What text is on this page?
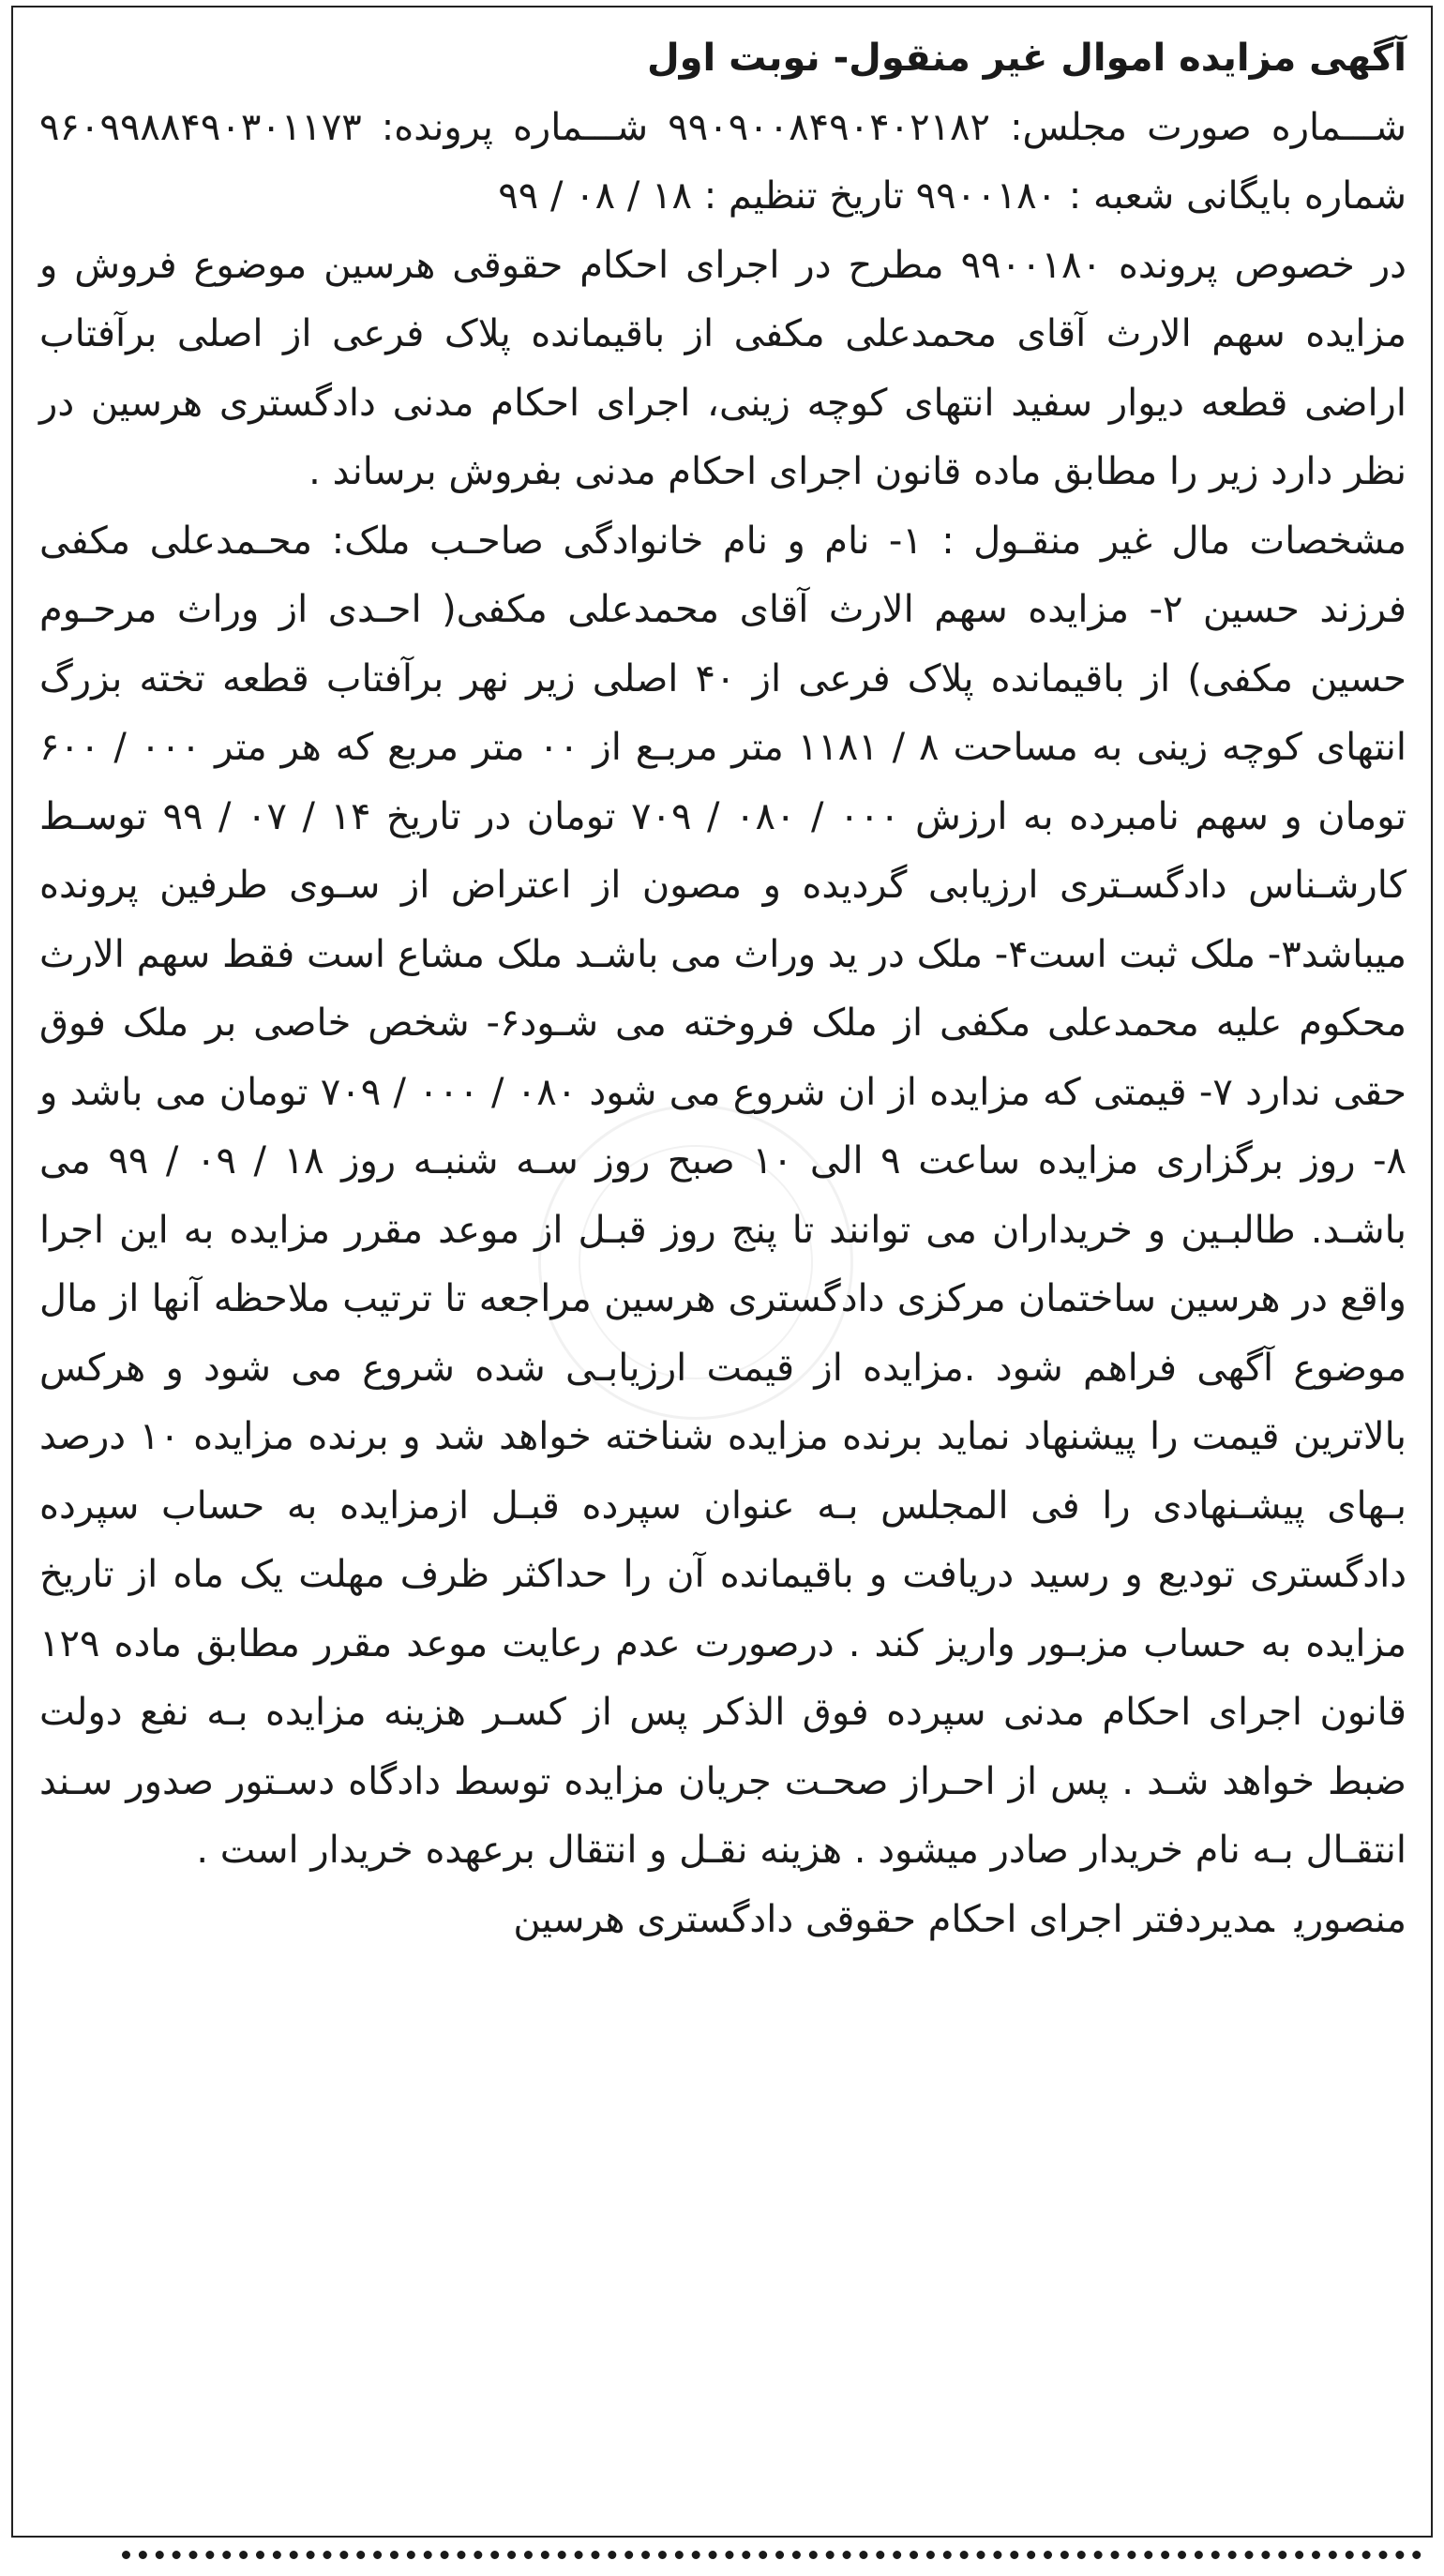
آگهی مزایده اموال غیر منقول- نوبت اول

شـــماره صورت مجلس: ۹۹۰۹۰۰۸۴۹۰۴۰۲۱۸۲ شـــماره پرونده: ۹۶۰۹۹۸۸۴۹۰۳۰۱۱۷۳ شماره بایگانی شعبه : ۹۹۰۰۱۸۰ تاریخ تنظیم : ۱۸ / ۰۸ / ۹۹

در خصوص پرونده ۹۹۰۰۱۸۰ مطرح در اجرای احکام حقوقی هرسین موضوع فروش و مزایده سهم الارث آقای محمدعلی مکفی از باقیمانده پلاک فرعی از اصلی برآفتاب اراضی قطعه دیوار سفید انتهای کوچه زینی، اجرای احکام مدنی دادگستری هرسین در نظر دارد زیر را مطابق ماده قانون اجرای احکام مدنی بفروش برساند .

مشخصات مال غیر منقـول : ۱- نام و نام خانوادگی صاحـب ملک: محـمدعلی مکفی فرزند حسین ۲- مزایده سهم الارث آقای محمدعلی مکفی( احـدی از وراث مرحـوم حسین مکفی) از باقیمانده پلاک فرعی از ۴۰ اصلی زیر نهر برآفتاب قطعه تخته بزرگ انتهای کوچه زینی به مساحت ۸ / ۱۱۸۱ متر مربـع از ۰۰ متر مربع که هر متر ۰۰۰ / ۶۰۰ تومان و سهم نامبرده به ارزش ۰۰۰ / ۰۸۰ / ۷۰۹ تومان در تاریخ ۱۴ / ۰۷ / ۹۹ توسـط کارشـناس دادگسـتری ارزیابی گردیده و مصون از اعتراض از سـوی طرفین پرونده میباشد۳- ملک ثبت است۴- ملک در ید وراث می باشـد ملک مشاع است فقط سهم الارث محکوم علیه محمدعلی مکفی از ملک فروخته می شـود۶- شخص خاصی بر ملک فوق حقی ندارد ۷- قیمتی که مزایده از ان شروع می شود ۰۸۰ / ۰۰۰ / ۷۰۹ تومان می باشد و ۸- روز برگزاری مزایده ساعت ۹ الی ۱۰ صبح روز سـه شنبـه روز ۱۸ / ۰۹ / ۹۹ می باشـد. طالبـین و خریداران می توانند تا پنج روز قبـل از موعد مقرر مزایده به این اجرا واقع در هرسین ساختمان مرکزی دادگستری هرسین مراجعه تا ترتیب ملاحظه آنها از مال موضوع آگهی فراهم شود .مزایده از قیمت ارزیابـی شده شروع می شود و هرکس بالاترین قیمت را پیشنهاد نماید برنده مزایده شناخته خواهد شد و برنده مزایده ۱۰ درصد بـهای پیشـنهادی را فی المجلس بـه عنوان سپرده قبـل ازمزایده به حساب سپرده دادگستری تودیع و رسید دریافت و باقیمانده آن را حداکثر ظرف مهلت یک ماه از تاریخ مزایده به حساب مزبـور واریز کند . درصورت عدم رعایت موعد مقرر مطابق ماده ۱۲۹ قانون اجرای احکام مدنی سپرده فوق الذکر پس از کسـر هزینه مزایده بـه نفع دولت ضبط خواهد شـد . پس از احـراز صحـت جریان مزایده توسط دادگاه دسـتور صدور سـند انتقـال بـه نام خریدار صادر میشود . هزینه نقـل و انتقال برعهده خریدار است .

منصوریمدیردفتر اجرای احکام حقوقی دادگستری هرسین
